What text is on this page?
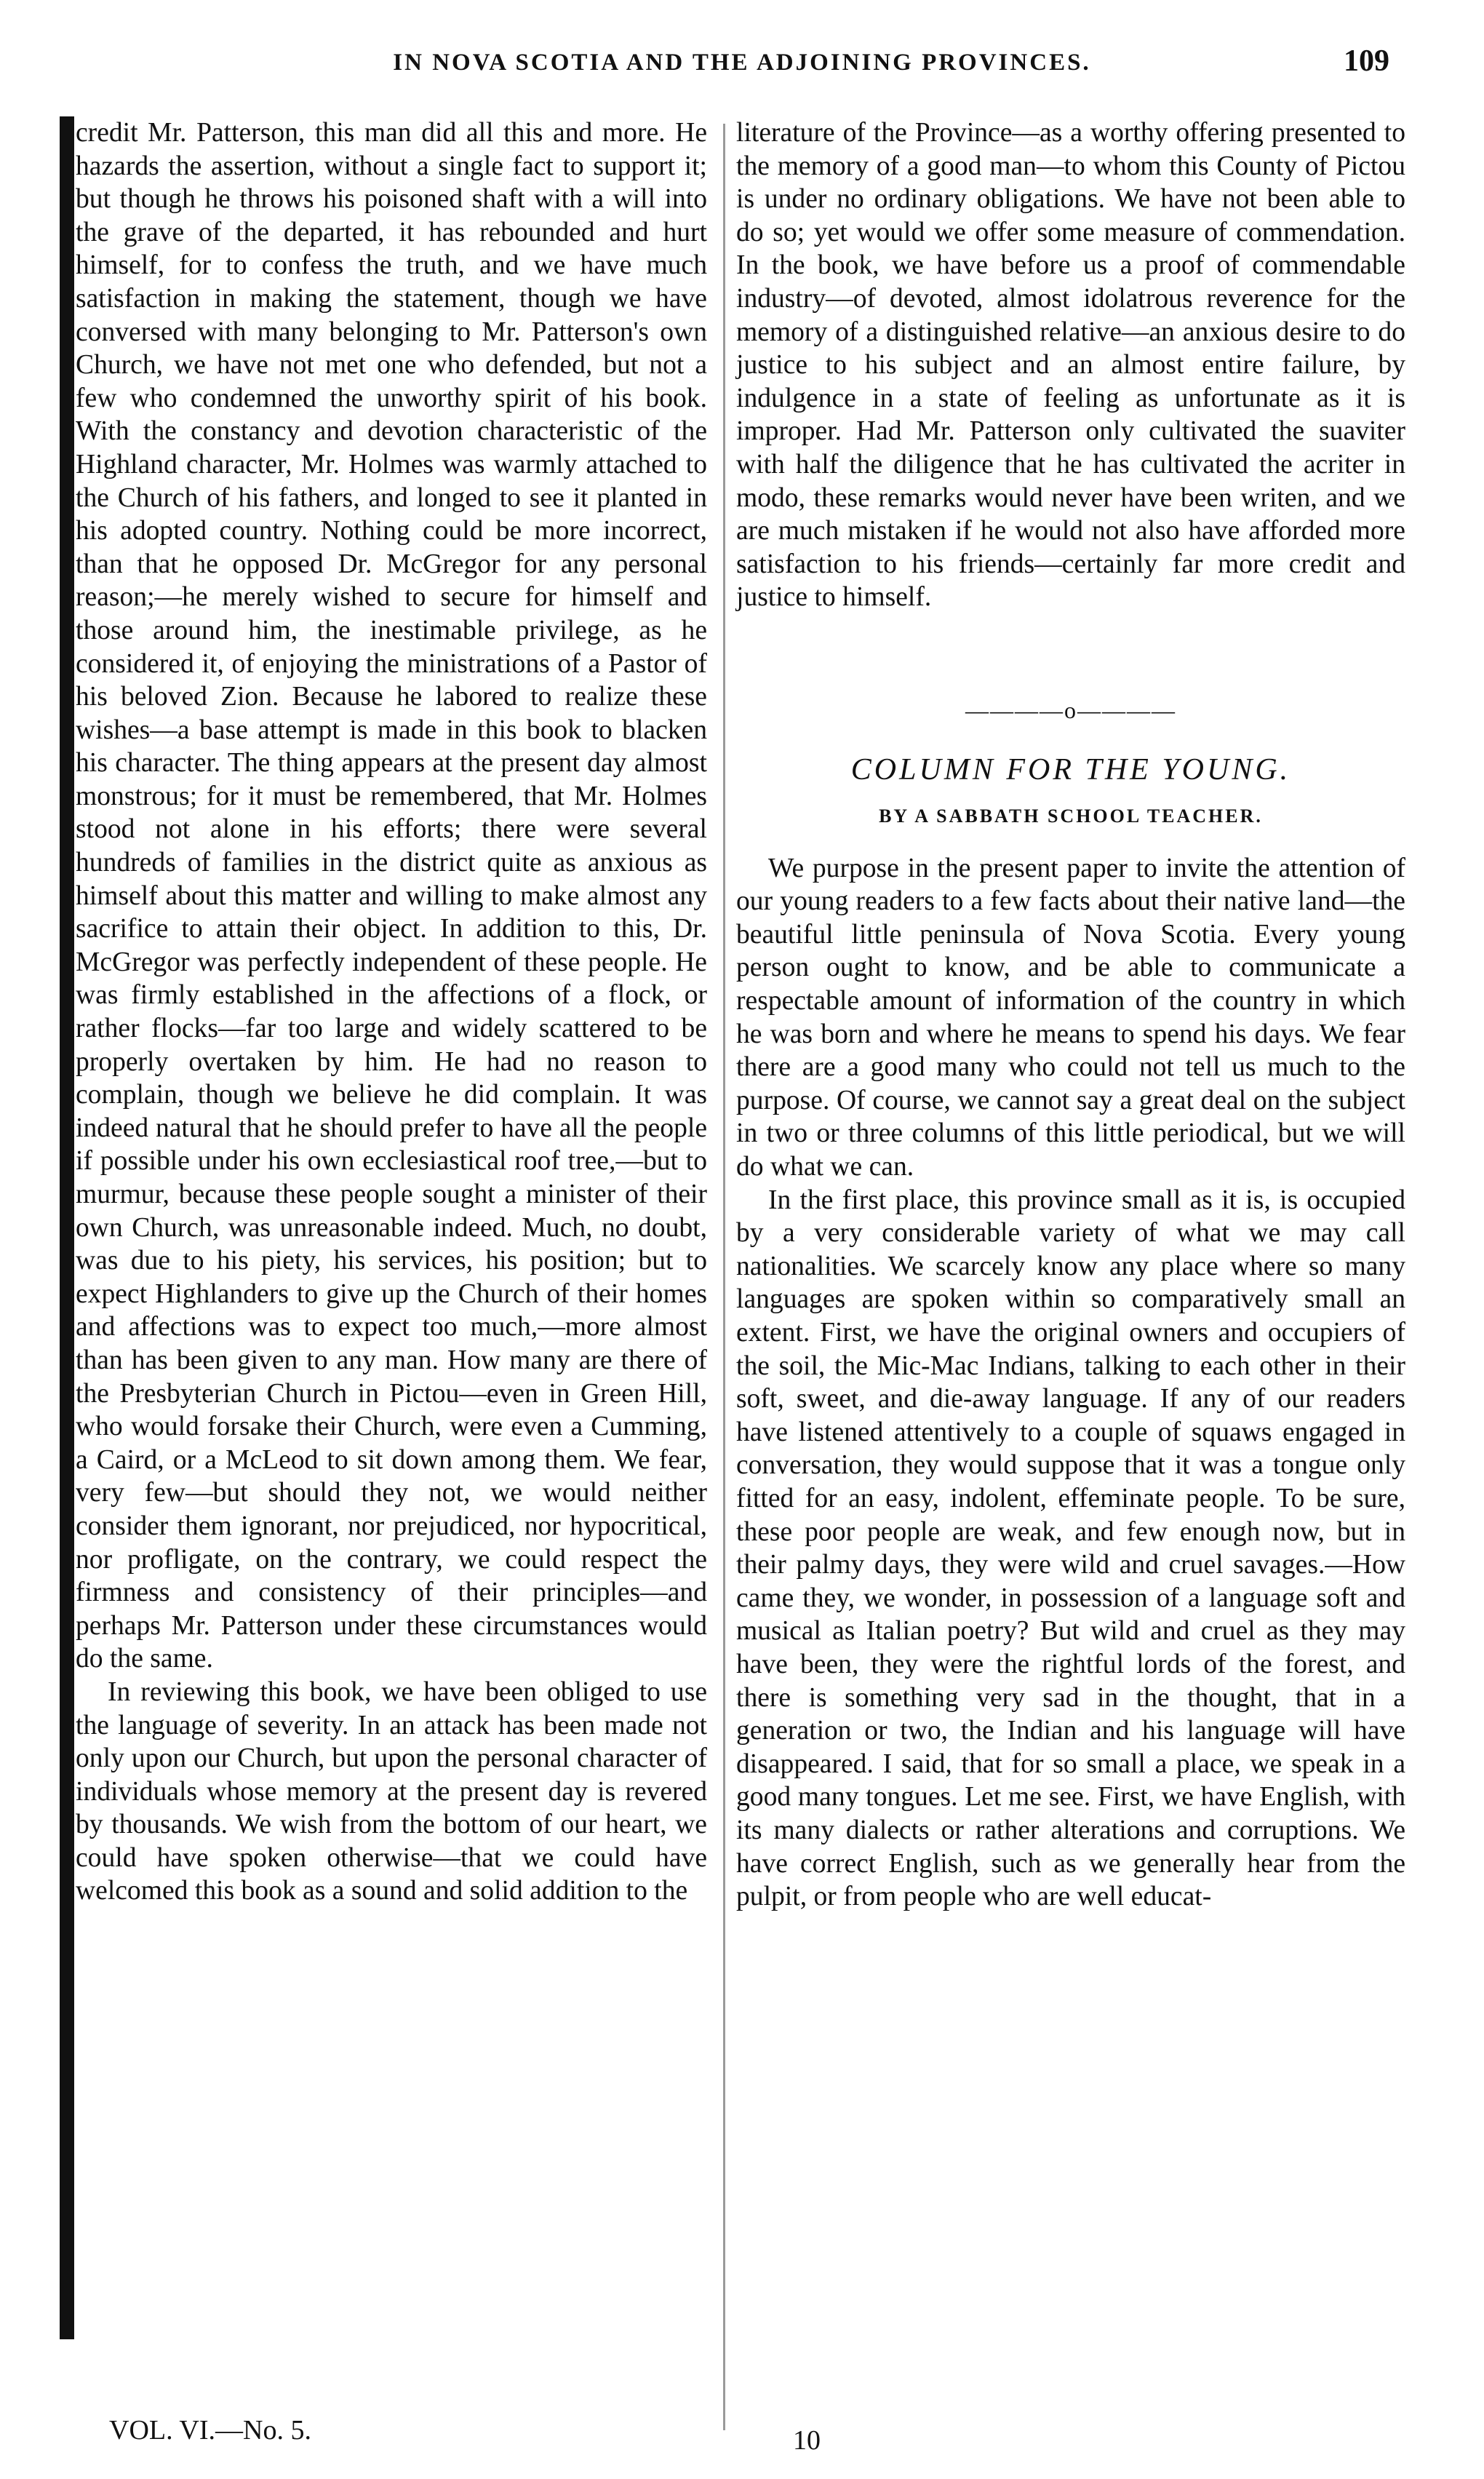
IN NOVA SCOTIA AND THE ADJOINING PROVINCES.	109

credit Mr. Patterson, this man did all this and more. He hazards the assertion, without a single fact to support it; but though he throws his poisoned shaft with a will into the grave of the departed, it has rebounded and hurt himself, for to confess the truth, and we have much satisfaction in making the statement, though we have conversed with many belonging to Mr. Patterson's own Church, we have not met one who defended, but not a few who condemned the unworthy spirit of his book. With the constancy and devotion characteristic of the Highland character, Mr. Holmes was warmly attached to the Church of his fathers, and longed to see it planted in his adopted country. Nothing could be more incorrect, than that he opposed Dr. McGregor for any personal reason;—he merely wished to secure for himself and those around him, the inestimable privilege, as he considered it, of enjoying the ministrations of a Pastor of his beloved Zion. Because he labored to realize these wishes—a base attempt is made in this book to blacken his character. The thing appears at the present day almost monstrous; for it must be remembered, that Mr. Holmes stood not alone in his efforts; there were several hundreds of families in the district quite as anxious as himself about this matter and willing to make almost any sacrifice to attain their object. In addition to this, Dr. McGregor was perfectly independent of these people. He was firmly established in the affections of a flock, or rather flocks—far too large and widely scattered to be properly overtaken by him. He had no reason to complain, though we believe he did complain. It was indeed natural that he should prefer to have all the people if possible under his own ecclesiastical roof tree,—but to murmur, because these people sought a minister of their own Church, was unreasonable indeed. Much, no doubt, was due to his piety, his services, his position; but to expect Highlanders to give up the Church of their homes and affections was to expect too much,—more almost than has been given to any man. How many are there of the Presbyterian Church in Pictou—even in Green Hill, who would forsake their Church, were even a Cumming, a Caird, or a McLeod to sit down among them. We fear, very few—but should they not, we would neither consider them ignorant, nor prejudiced, nor hypocritical, nor profligate, on the contrary, we could respect the firmness and consistency of their principles—and perhaps Mr. Patterson under these circumstances would do the same.

In reviewing this book, we have been obliged to use the language of severity. In an attack has been made not only upon our Church, but upon the personal character of individuals whose memory at the present day is revered by thousands. We wish from the bottom of our heart, we could have spoken otherwise—that we could have welcomed this book as a sound and solid addition to the

literature of the Province—as a worthy offering presented to the memory of a good man—to whom this County of Pictou is under no ordinary obligations. We have not been able to do so; yet would we offer some measure of commendation. In the book, we have before us a proof of commendable industry—of devoted, almost idolatrous reverence for the memory of a distinguished relative—an anxious desire to do justice to his subject and an almost entire failure, by indulgence in a state of feeling as unfortunate as it is improper. Had Mr. Patterson only cultivated the suaviter with half the diligence that he has cultivated the acriter in modo, these remarks would never have been writen, and we are much mistaken if he would not also have afforded more satisfaction to his friends—certainly far more credit and justice to himself.

————o————
COLUMN FOR THE YOUNG.
BY A SABBATH SCHOOL TEACHER.

We purpose in the present paper to invite the attention of our young readers to a few facts about their native land—the beautiful little peninsula of Nova Scotia. Every young person ought to know, and be able to communicate a respectable amount of information of the country in which he was born and where he means to spend his days. We fear there are a good many who could not tell us much to the purpose. Of course, we cannot say a great deal on the subject in two or three columns of this little periodical, but we will do what we can.

In the first place, this province small as it is, is occupied by a very considerable variety of what we may call nationalities. We scarcely know any place where so many languages are spoken within so comparatively small an extent. First, we have the original owners and occupiers of the soil, the Mic-Mac Indians, talking to each other in their soft, sweet, and die-away language. If any of our readers have listened attentively to a couple of squaws engaged in conversation, they would suppose that it was a tongue only fitted for an easy, indolent, effeminate people. To be sure, these poor people are weak, and few enough now, but in their palmy days, they were wild and cruel savages.—How came they, we wonder, in possession of a language soft and musical as Italian poetry? But wild and cruel as they may have been, they were the rightful lords of the forest, and there is something very sad in the thought, that in a generation or two, the Indian and his language will have disappeared. I said, that for so small a place, we speak in a good many tongues. Let me see. First, we have English, with its many dialects or rather alterations and corruptions. We have correct English, such as we generally hear from the pulpit, or from people who are well educat-

VOL. VI.—No. 5.	10
